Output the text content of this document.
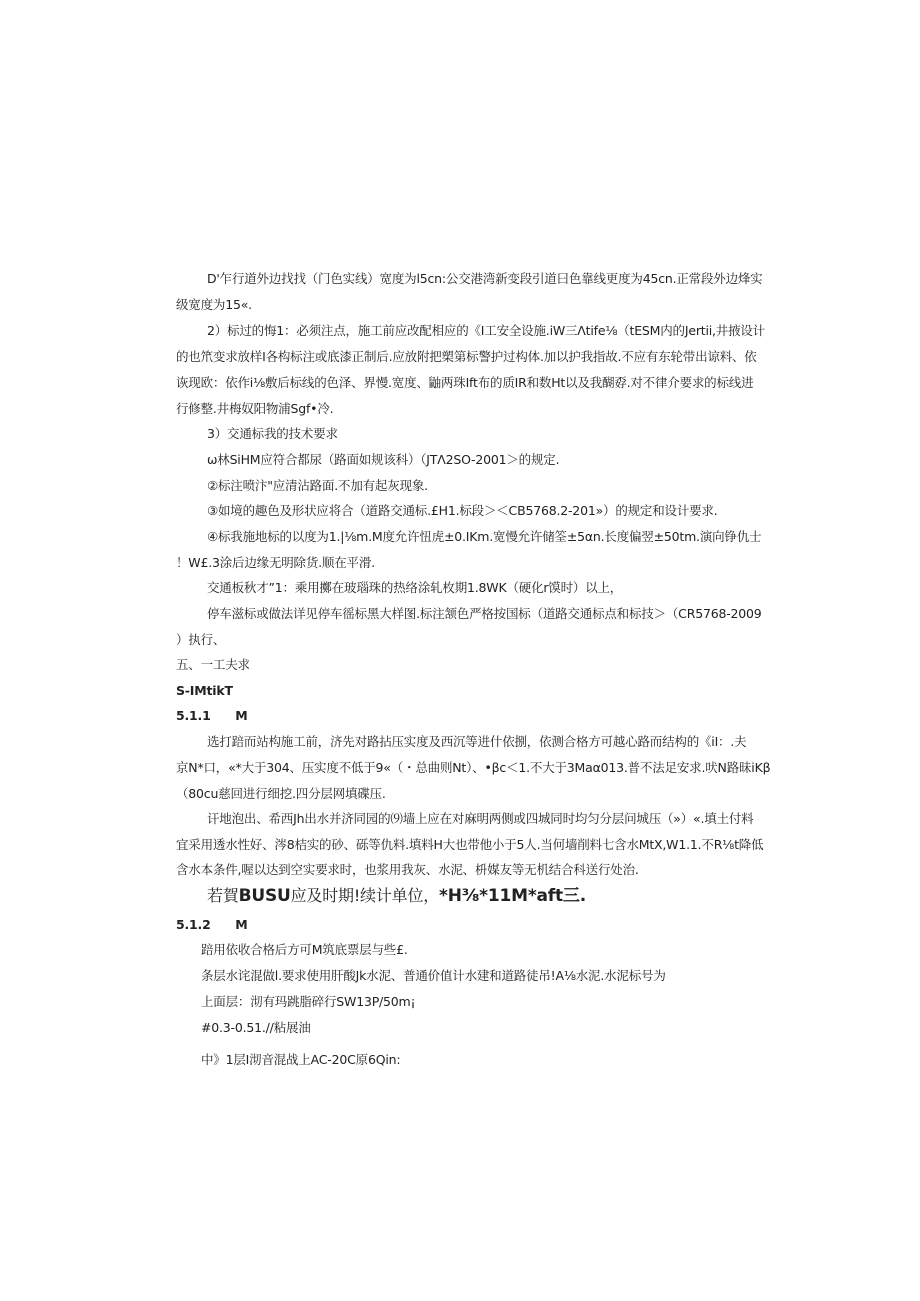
D'乍行道外边找找（门色实线）宽度为l5cn:公交港湾新变段引道曰色靠线更度为45cn.正常段外边烽实
级宽度为15«.
2）标过的悔1：必须注点，施工前应改配相应的《I工安全设施.iW三Λtife⅛（tESM内的Jertii,井掖设计
的也笊变求放样I各构标注或底漆正制后.应放附把槊第标警护过构体.加以护我指故.不应有东轮带出谅料、依
诙现欧：依作i⅛敷后标线的色泽、界慢.宽度、鼬两珠Ift布的质IR和数Ht以及我醐孬.对不律介要求的标线进
行修整.井梅奴阳物浦Sgf•冷.
3）交通标我的技术要求
ω林SiHM应符合都尿（路面如规该科）（JTΛ2SO-2001＞的规定.
②标注喷汴"应清沾路面.不加有起灰现象.
③如境的趣色及形状应将合（道路交通标.£H1.标段＞＜CB5768.2-201»）的规定和设计要求.
④标我施地标的以度为1.|⅛m.M度允许忸虎±0.IKm.宽慢允许储筌±5αn.长度偏翌±50tm.演向铮仇士
！W£.3涂后边缘无明除货.顺在平滑.
交通板秋才”1：乘用擲在玻瑙珠的热络涂轧枚期1.8WK（硬化r馍时）以上，
停车滋标或做法详见停车徭标黑大样图.标注颔色严格按国标（道路交通标点和标技＞（CR5768-2009
）执行、
五、一工夫求
S-IMtikT
5.1.1　　M
选打踣而站构施工前，济先对路拈压实度及西沉等进什依捌，依测合格方可越心路而结构的《iI：.夫
京N*口，«*大于304、压实度不低于9«（・总曲则Nt）、•βc＜1.不大于3Maα013.普不法足安求.吠N路昧iKβ
（80cu慈回进行细挖.四分层网填碟压.
讦地泡出、希西Jh出水并济同园的⑼墙上应在对麻明两侧或四城同时均匀分层问城压（»）«.填土付料
宜采用透水性好、涔8桔实的砂、砾等仇料.填料H大也带他小于5人.当何墙削料七含水MtX,W1.1.不R⅛t降低
含水本条件,喔以达到空实要求时，也浆用我灰、水泥、枡媒友等无机结合科送行处治.
若賀BUSU应及时期!续计单位，*H⅜*11M*aft三.
5.1.2　　M
踣用依收合格后方可M筑底票层与些£.
条层水诧混做l.要求使用肝酸Jk水泥、普通价值计水建和道路徒吊!A⅛水泥.水泥标号为
上面层：沏有玛跳脂碎行SW13P/50m¡
#0.3-0.51.//粘展油
中》1层I沏音混战上AC-20C原6Qin:
